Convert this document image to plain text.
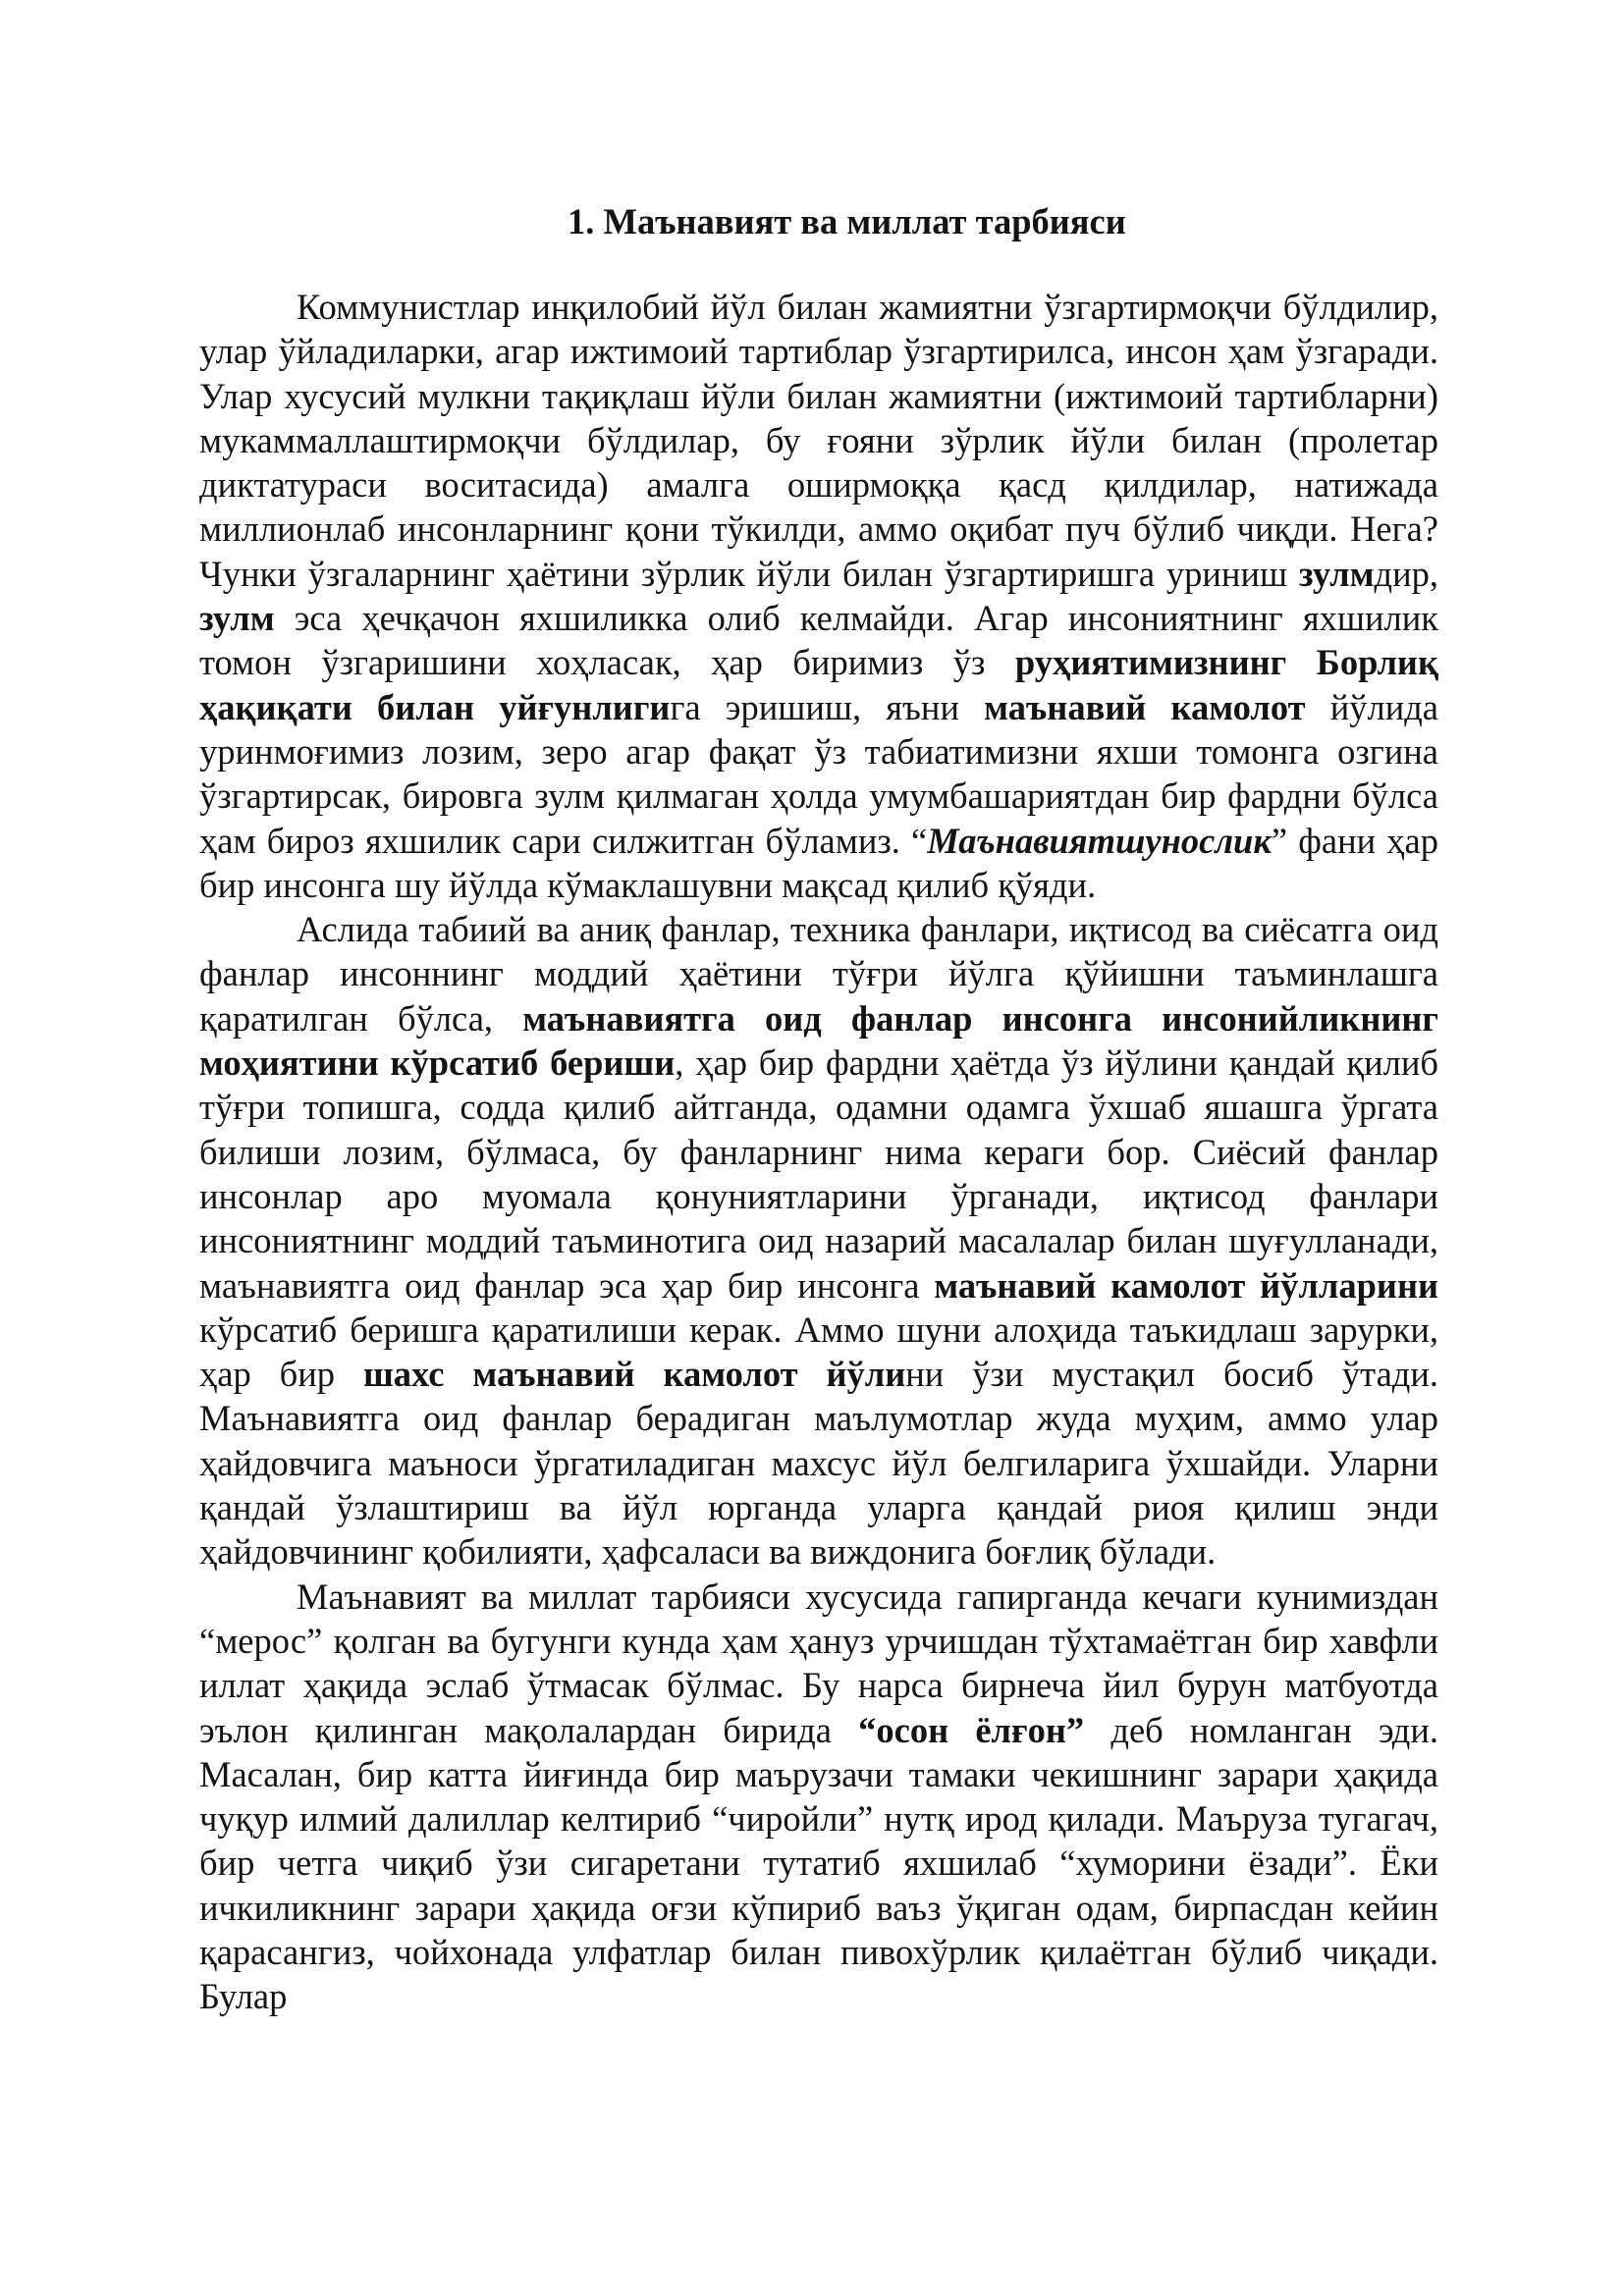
1. Маънавият ва миллат тарбияси

Коммунистлар инқилобий йўл билан жамиятни ўзгартирмоқчи бўлдилир, улар ўйладиларки, агар ижтимоий тартиблар ўзгартирилса, инсон ҳам ўзгаради. Улар хусусий мулкни тақиқлаш йўли билан жамиятни (ижтимоий тартибларни) мукаммаллаштирмоқчи бўлдилар, бу ғояни зўрлик йўли билан (пролетар диктатураси воситасида) амалга оширмоққа қасд қилдилар, натижада миллионлаб инсонларнинг қони тўкилди, аммо оқибат пуч бўлиб чиқди. Нега? Чунки ўзгаларнинг ҳаётини зўрлик йўли билан ўзгартиришга уриниш зулмдир, зулм эса ҳечқачон яхшиликка олиб келмайди. Агар инсониятнинг яхшилик томон ўзгаришини хоҳласак, ҳар биримиз ўз руҳиятимизнинг Борлиқ ҳақиқати билан уйғунлигига эришиш, яъни маънавий камолот йўлида уринмоғимиз лозим, зеро агар фақат ўз табиатимизни яхши томонга озгина ўзгартирсак, бировга зулм қилмаган ҳолда умумбашариятдан бир фардни бўлса ҳам бироз яхшилик сари силжитган бўламиз. “Маънавиятшунослик” фани ҳар бир инсонга шу йўлда кўмаклашувни мақсад қилиб қўяди.

Аслида табиий ва аниқ фанлар, техника фанлари, иқтисод ва сиёсатга оид фанлар инсоннинг моддий ҳаётини тўғри йўлга қўйишни таъминлашга қаратилган бўлса, маънавиятга оид фанлар инсонга инсонийликнинг моҳиятини кўрсатиб бериши, ҳар бир фардни ҳаётда ўз йўлини қандай қилиб тўғри топишга, содда қилиб айтганда, одамни одамга ўхшаб яшашга ўргата билиши лозим, бўлмаса, бу фанларнинг нима кераги бор. Сиёсий фанлар инсонлар аро муомала қонуниятларини ўрганади, иқтисод фанлари инсониятнинг моддий таъминотига оид назарий масалалар билан шуғулланади, маънавиятга оид фанлар эса ҳар бир инсонга маънавий камолот йўлларини кўрсатиб беришга қаратилиши керак. Аммо шуни алоҳида таъкидлаш зарурки, ҳар бир шахс маънавий камолот йўлини ўзи мустақил босиб ўтади. Маънавиятга оид фанлар берадиган маълумотлар жуда муҳим, аммо улар ҳайдовчига маъноси ўргатиладиган махсус йўл белгиларига ўхшайди. Уларни қандай ўзлаштириш ва йўл юрганда уларга қандай риоя қилиш энди ҳайдовчининг қобилияти, ҳафсаласи ва виждонига боғлиқ бўлади.

Маънавият ва миллат тарбияси хусусида гапирганда кечаги кунимиздан “мерос” қолган ва бугунги кунда ҳам ҳануз урчишдан тўхтамаётган бир хавфли иллат ҳақида эслаб ўтмасак бўлмас. Бу нарса бирнеча йил бурун матбуотда эълон қилинган мақолалардан бирида “осон ёлғон” деб номланган эди. Масалан, бир катта йиғинда бир маърузачи тамаки чекишнинг зарари ҳақида чуқур илмий далиллар келтириб “чиройли” нутқ ирод қилади. Маъруза тугагач, бир четга чиқиб ўзи сигаретани тутатиб яхшилаб “хуморини ёзади”. Ёки ичкиликнинг зарари ҳақида оғзи кўпириб ваъз ўқиган одам, бирпасдан кейин қарасангиз, чойхонада улфатлар билан пивохўрлик қилаётган бўлиб чиқади. Булар
